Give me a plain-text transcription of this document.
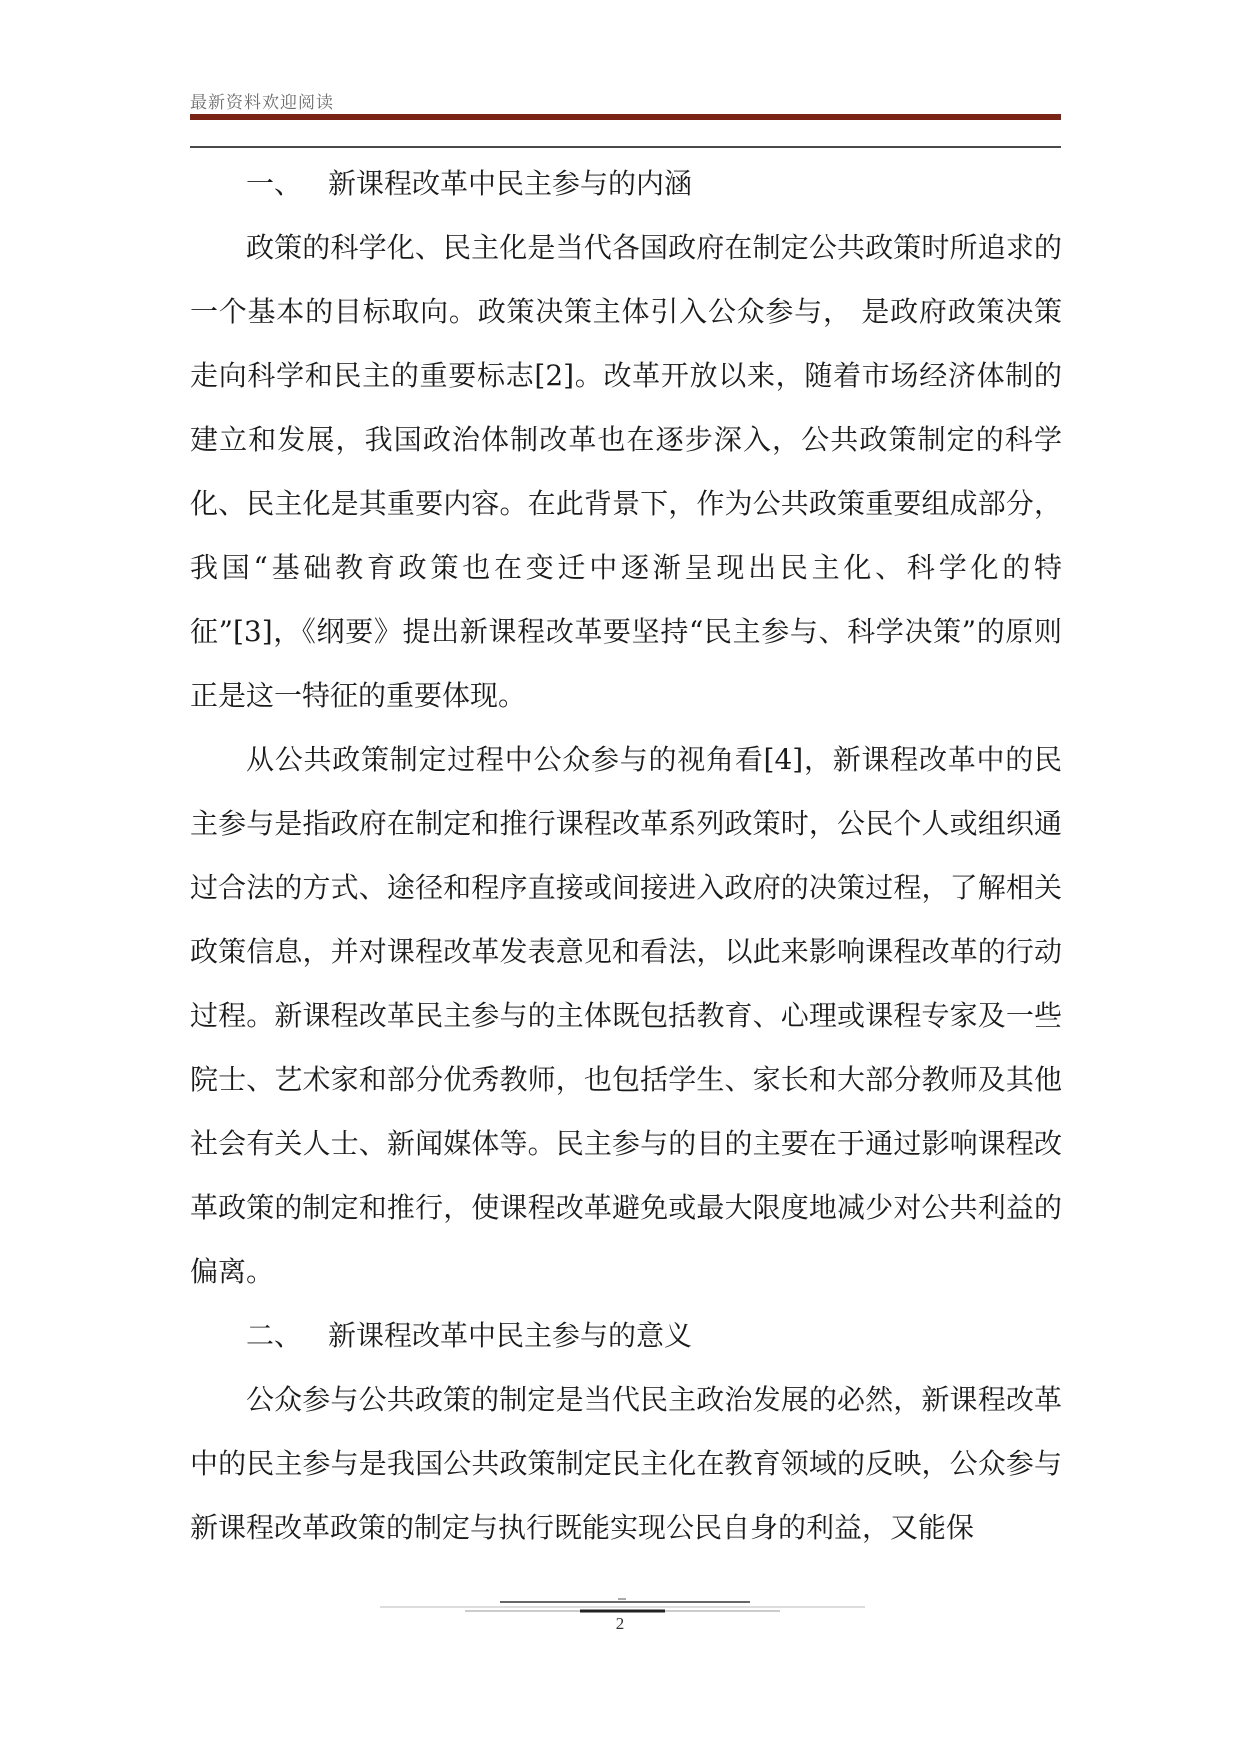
最新资料欢迎阅读

一、 新课程改革中民主参与的内涵

政策的科学化、民主化是当代各国政府在制定公共政策时所追求的一个基本的目标取向。政策决策主体引入公众参与， 是政府政策决策走向科学和民主的重要标志[2]。改革开放以来，随着市场经济体制的建立和发展，我国政治体制改革也在逐步深入，公共政策制定的科学化、民主化是其重要内容。在此背景下，作为公共政策重要组成部分，我国“基础教育政策也在变迁中逐渐呈现出民主化、科学化的特征”[3]，《纲要》提出新课程改革要坚持“民主参与、科学决策”的原则正是这一特征的重要体现。

从公共政策制定过程中公众参与的视角看[4]，新课程改革中的民主参与是指政府在制定和推行课程改革系列政策时，公民个人或组织通过合法的方式、途径和程序直接或间接进入政府的决策过程，了解相关政策信息，并对课程改革发表意见和看法，以此来影响课程改革的行动过程。新课程改革民主参与的主体既包括教育、心理或课程专家及一些院士、艺术家和部分优秀教师，也包括学生、家长和大部分教师及其他社会有关人士、新闻媒体等。民主参与的目的主要在于通过影响课程改革政策的制定和推行，使课程改革避免或最大限度地减少对公共利益的偏离。

二、 新课程改革中民主参与的意义

公众参与公共政策的制定是当代民主政治发展的必然，新课程改革中的民主参与是我国公共政策制定民主化在教育领域的反映，公众参与新课程改革政策的制定与执行既能实现公民自身的利益，又能保

2
